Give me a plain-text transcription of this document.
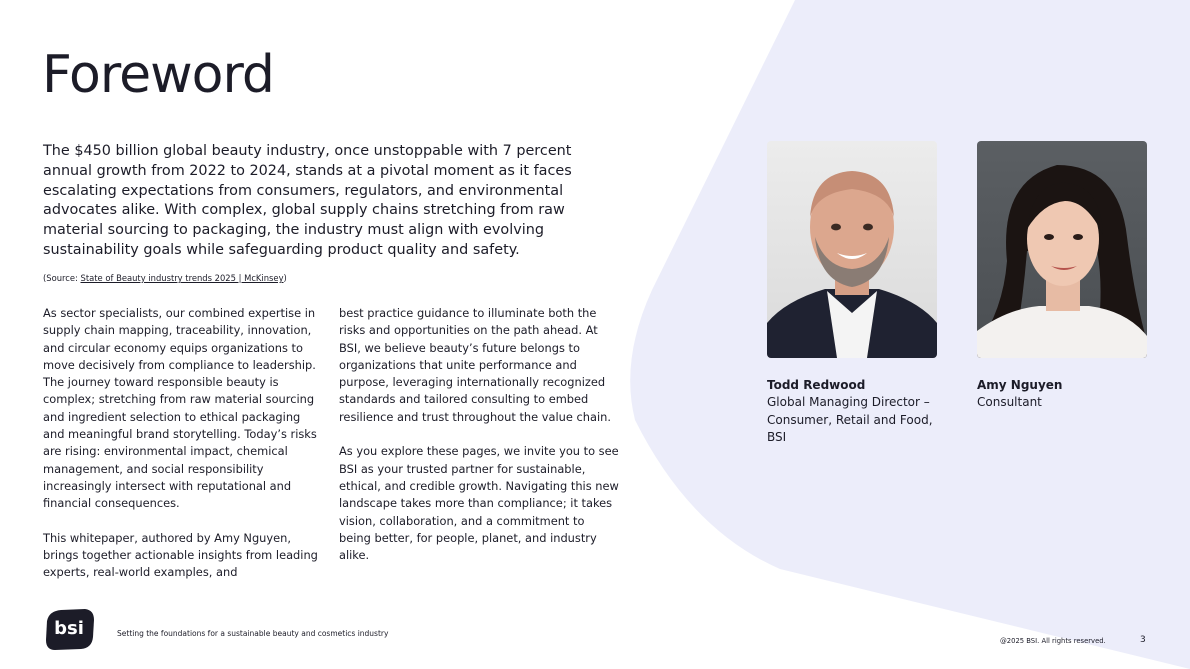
Foreword

The $450 billion global beauty industry, once unstoppable with 7 percent annual growth from 2022 to 2024, stands at a pivotal moment as it faces escalating expectations from consumers, regulators, and environmental advocates alike. With complex, global supply chains stretching from raw material sourcing to packaging, the industry must align with evolving sustainability goals while safeguarding product quality and safety.

(Source: State of Beauty industry trends 2025 | McKinsey)

As sector specialists, our combined expertise in supply chain mapping, traceability, innovation, and circular economy equips organizations to move decisively from compliance to leadership. The journey toward responsible beauty is complex; stretching from raw material sourcing and ingredient selection to ethical packaging and meaningful brand storytelling. Today’s risks are rising: environmental impact, chemical management, and social responsibility increasingly intersect with reputational and financial consequences.

This whitepaper, authored by Amy Nguyen, brings together actionable insights from leading experts, real-world examples, and

best practice guidance to illuminate both the risks and opportunities on the path ahead. At BSI, we believe beauty’s future belongs to organizations that unite performance and purpose, leveraging internationally recognized standards and tailored consulting to embed resilience and trust throughout the value chain.

As you explore these pages, we invite you to see BSI as your trusted partner for sustainable, ethical, and credible growth. Navigating this new landscape takes more than compliance; it takes vision, collaboration, and a commitment to being better, for people, planet, and industry alike.

Todd Redwood

Global Managing Director – Consumer, Retail and Food, BSI

Amy Nguyen

Consultant

bsi	Setting the foundations for a sustainable beauty and cosmetics industry

@2025 BSI. All rights reserved.	3
